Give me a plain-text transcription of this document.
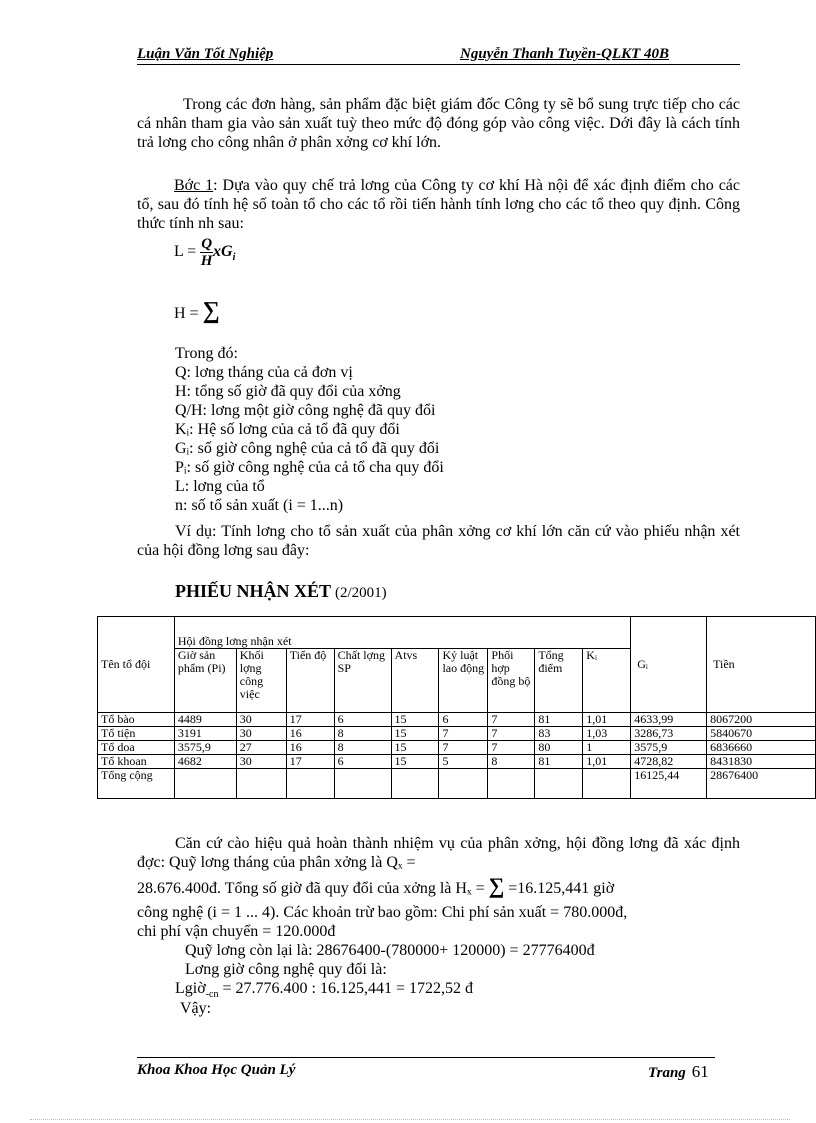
Luận Văn Tốt Nghiệp	Nguyễn Thanh Tuyền-QLKT 40B
Trong các đơn hàng, sản phẩm đặc biệt giám đốc Công ty sẽ bổ sung trực tiếp cho các cá nhân tham gia vào sản xuất tuỳ theo mức độ đóng góp vào công việc. Dới đây là cách tính trả lơng cho công nhân ở phân xởng cơ khí lớn.
Bớc 1: Dựa vào quy chế trả lơng của Công ty cơ khí Hà nội để xác định điểm cho các tổ, sau đó tính hệ số toàn tổ cho các tổ rồi tiến hành tính lơng cho các tổ theo quy định. Công thức tính nh sau:
$L = \frac{Q}{H} xG_i$
H = ∑
Trong đó:
Q: lơng tháng của cả đơn vị
H: tổng số giờ đã quy đổi của xởng
Q/H: lơng một giờ công nghệ đã quy đổi
Kᵢ: Hệ số lơng của cả tổ đã quy đổi
Gᵢ: số giờ công nghệ của cả tổ đã quy đổi
Pᵢ: số giờ công nghệ của cả tổ cha quy đổi
L: lơng của tổ
n: số tổ sản xuất (i = 1...n)
Ví dụ: Tính lơng cho tổ sản xuất của phân xởng cơ khí lớn căn cứ vào phiếu nhận xét của hội đồng lơng sau đây:
PHIẾU NHẬN XÉT (2/2001)
Tên tổ đội	Hội đồng lơng nhận xét									Gᵢ	Tiền
	Giờ sản phẩm (Pi)	Khối lợng công việc	Tiến độ	Chất lợng SP	Atvs	Kỷ luật lao động	Phối hợp đồng bộ	Tổng điểm	Kᵢ		
Tổ bào	4489	30	17	6	15	6	7	81	1,01	4633,99	8067200
Tổ tiện	3191	30	16	8	15	7	7	83	1,03	3286,73	5840670
Tổ doa	3575,9	27	16	8	15	7	7	80	1	3575,9	6836660
Tổ khoan	4682	30	17	6	15	5	8	81	1,01	4728,82	8431830
Tổng cộng										16125,44	28676400
Căn cứ cào hiệu quả hoàn thành nhiệm vụ của phân xởng, hội đồng lơng đã xác định đợc: Quỹ lơng tháng của phân xởng là Qₓ =
28.676.400đ. Tổng số giờ đã quy đổi của xởng là Hₓ = ∑ =16.125,441 giờ
công nghệ (i = 1 ... 4). Các khoản trừ bao gồm: Chi phí sản xuất = 780.000đ,
chi phí vận chuyển = 120.000đ
Quỹ lơng còn lại là: 28676400-(780000+ 120000) = 27776400đ
Lơng giờ công nghệ quy đổi là:
Lgiờ$_{-cn}$ = 27.776.400 : 16.125,441 = 1722,52 đ
Vậy:
Khoa Khoa Học Quản Lý	Trang 61
